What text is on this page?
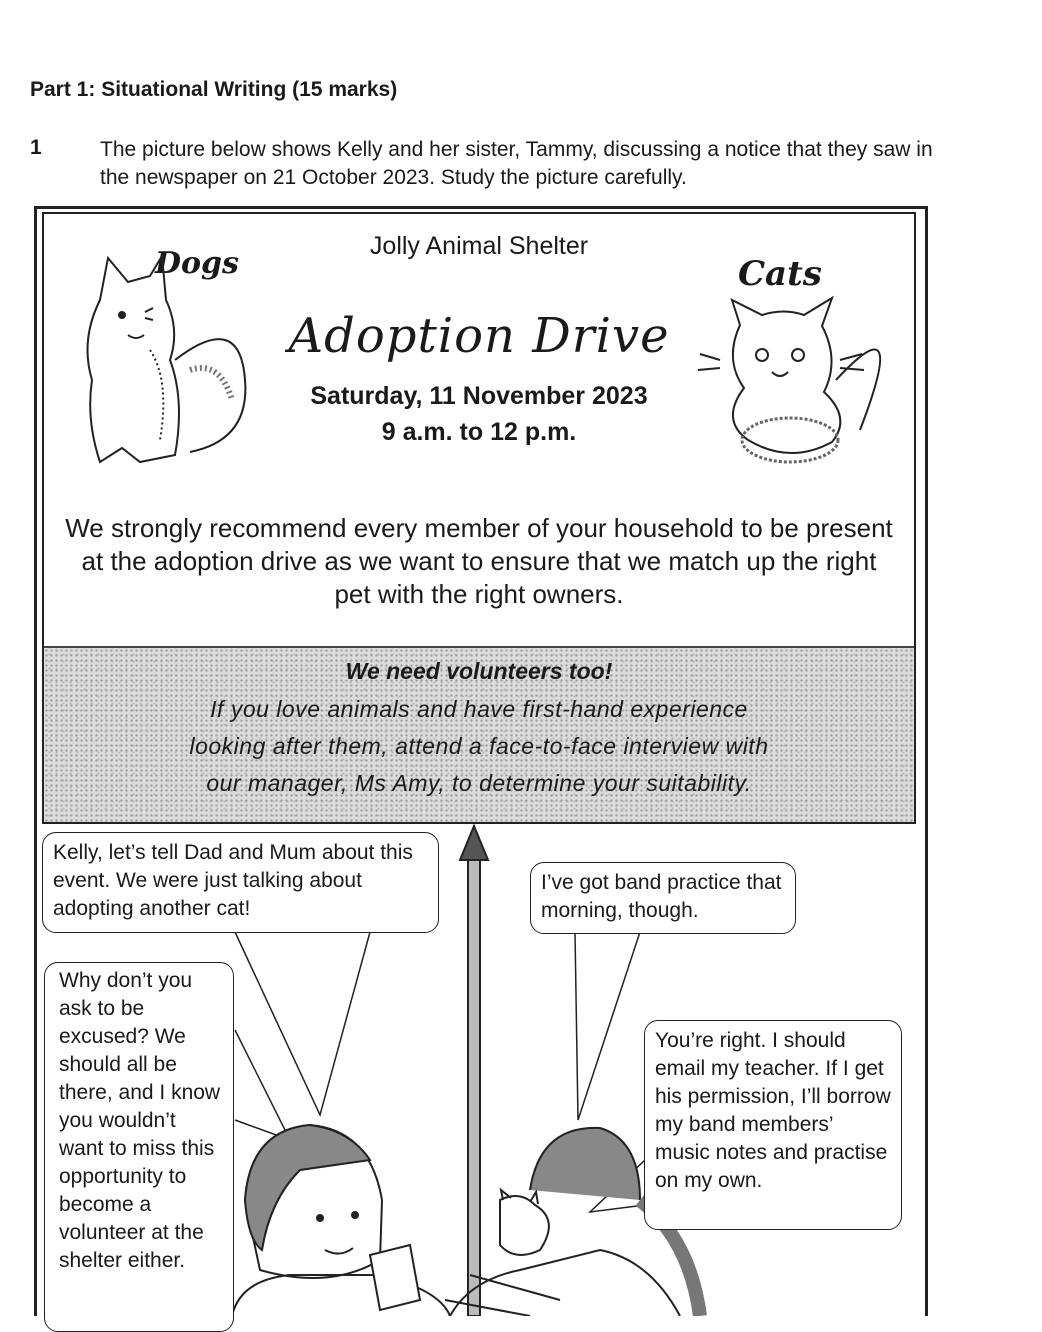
Part 1: Situational Writing (15 marks)
1	The picture below shows Kelly and her sister, Tammy, discussing a notice that they saw in the newspaper on 21 October 2023. Study the picture carefully.
Jolly Animal Shelter
Dogs	Cats
Adoption Drive
Saturday, 11 November 2023
9 a.m. to 12 p.m.
We strongly recommend every member of your household to be present at the adoption drive as we want to ensure that we match up the right pet with the right owners.
We need volunteers too!
If you love animals and have first-hand experience
looking after them, attend a face-to-face interview with
our manager, Ms Amy, to determine your suitability.
Kelly, let’s tell Dad and Mum about this event. We were just talking about adopting another cat!
I’ve got band practice that morning, though.
Why don’t you ask to be excused? We should all be there, and I know you wouldn’t want to miss this opportunity to become a volunteer at the shelter either.
You’re right. I should email my teacher. If I get his permission, I’ll borrow my band members’ music notes and practise on my own.
